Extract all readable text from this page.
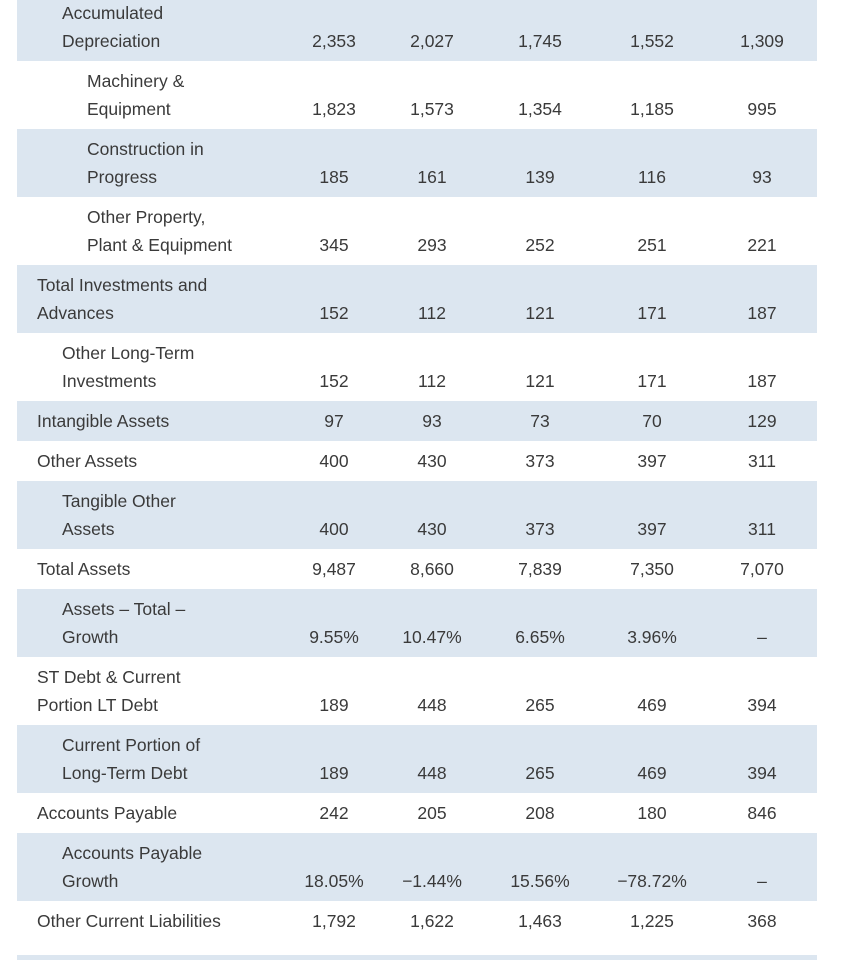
Accumulated
Depreciation	2,353	2,027	1,745	1,552	1,309
Machinery &
Equipment	1,823	1,573	1,354	1,185	995
Construction in
Progress	185	161	139	116	93
Other Property,
Plant & Equipment	345	293	252	251	221
Total Investments and
Advances	152	112	121	171	187
Other Long-Term
Investments	152	112	121	171	187
Intangible Assets	97	93	73	70	129
Other Assets	400	430	373	397	311
Tangible Other
Assets	400	430	373	397	311
Total Assets	9,487	8,660	7,839	7,350	7,070
Assets – Total –
Growth	9.55%	10.47%	6.65%	3.96%	–
ST Debt & Current
Portion LT Debt	189	448	265	469	394
Current Portion of
Long-Term Debt	189	448	265	469	394
Accounts Payable	242	205	208	180	846
Accounts Payable
Growth	18.05%	−1.44%	15.56%	−78.72%	–
Other Current Liabilities	1,792	1,622	1,463	1,225	368
